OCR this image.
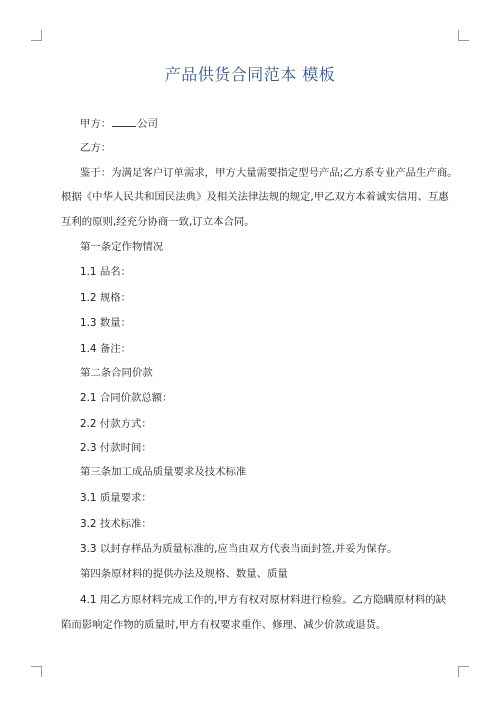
产品供货合同范本 模板
甲方：	公司
乙方：
鉴于：为满足客户订单需求，甲方大量需要指定型号产品;乙方系专业产品生产商。
根据《中华人民共和国民法典》及相关法律法规的规定,甲乙双方本着诚实信用、互惠
互利的原则,经充分协商一致,订立本合同。
第一条定作物情况
1.1 品名：
1.2 规格：
1.3 数量：
1.4 备注：
第二条合同价款
2.1 合同价款总额：
2.2 付款方式：
2.3 付款时间：
第三条加工成品质量要求及技术标准
3.1 质量要求：
3.2 技术标准：
3.3 以封存样品为质量标准的,应当由双方代表当面封签,并妥为保存。
第四条原材料的提供办法及规格、数量、质量
4.1 用乙方原材料完成工作的,甲方有权对原材料进行检验。乙方隐瞒原材料的缺
陷而影响定作物的质量时,甲方有权要求重作、修理、减少价款或退货。
